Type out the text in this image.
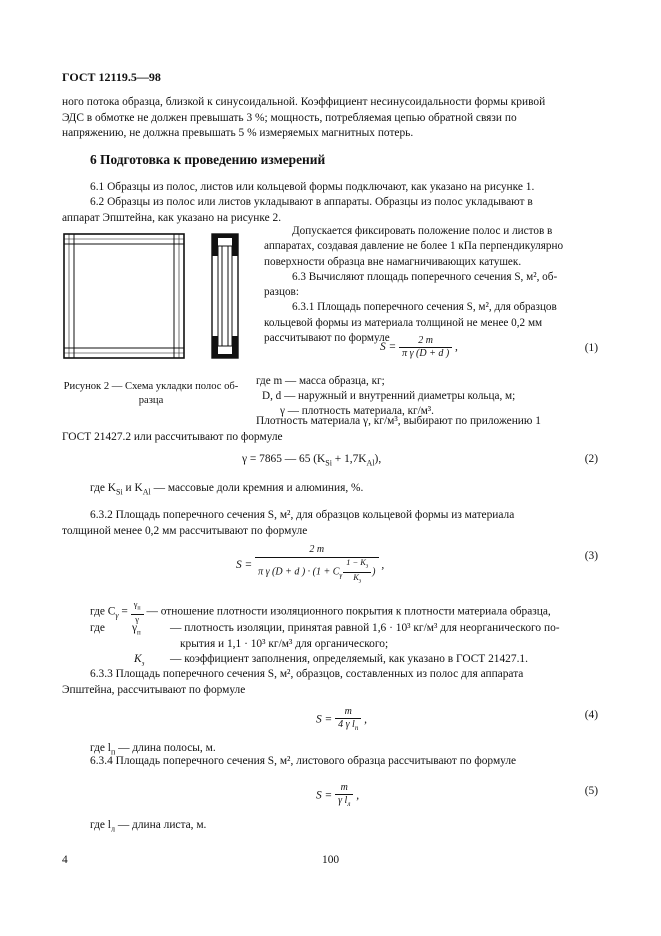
ГОСТ 12119.5—98
ного потока образца, близкой к синусоидальной. Коэффициент несинусоидальности формы кривой
ЭДС в обмотке не должен превышать 3 %; мощность, потребляемая цепью обратной связи по
напряжению, не должна превышать 5 % измеряемых магнитных потерь.
6 Подготовка к проведению измерений
6.1 Образцы из полос, листов или кольцевой формы подключают, как указано на рисунке 1.
6.2 Образцы из полос или листов укладывают в аппараты. Образцы из полос укладывают в
аппарат Эпштейна, как указано на рисунке 2.
Рисунок 2 — Схема укладки полос об-
разца
Допускается фиксировать положение полос и листов в
аппаратах, создавая давление не более 1 кПа перпендикулярно
поверхности образца вне намагничивающих катушек.
6.3 Вычисляют площадь поперечного сечения S, м², об-
разцов:
6.3.1 Площадь поперечного сечения S, м², для образцов
кольцевой формы из материала толщиной не менее 0,2 мм
рассчитывают по формуле
$S = \frac{2 m}{\text{π γ (D + d )}}$ ,	(1)
где m — масса образца, кг;
D, d — наружный и внутренний диаметры кольца, м;
γ — плотность материала, кг/м³.
Плотность материала γ, кг/м³, выбирают по приложению 1
ГОСТ 21427.2 или рассчитывают по формуле
γ = 7865 — 65 $(K_{Si} + 1,7K_{Al})$,	(2)
где $K_{Si}$ и $K_{Al}$ — массовые доли кремния и алюминия, %.
6.3.2 Площадь поперечного сечения S, м², для образцов кольцевой формы из материала
толщиной менее 0,2 мм рассчитывают по формуле
$S = \frac{2 m}{\pi \gamma (D + d ) \cdot (1 + C_\gamma \frac{1 - K_з}{K_з} )}$ ,
(3)
где $C_\gamma = \frac{\gamma_п}{\gamma}$ — отношение плотности изоляционного покрытия к плотности материала образца,
где $\gamma_п$	— плотность изоляции, принятая равной 1,6 · 10³ кг/м³ для неорганического по-
крытия и 1,1 · 10³ кг/м³ для органического;
$K_з$ — коэффициент заполнения, определяемый, как указано в ГОСТ 21427.1.
6.3.3 Площадь поперечного сечения S, м², образцов, составленных из полос для аппарата
Эпштейна, рассчитывают по формуле
$S = \frac{m}{4 \gamma l_п}$ ,	(4)
где $l_п$ — длина полосы, м.
6.3.4 Площадь поперечного сечения S, м², листового образца рассчитывают по формуле
$S = \frac{m}{\gamma l_л}$ ,	(5)
где $l_л$ — длина листа, м.
4	100
